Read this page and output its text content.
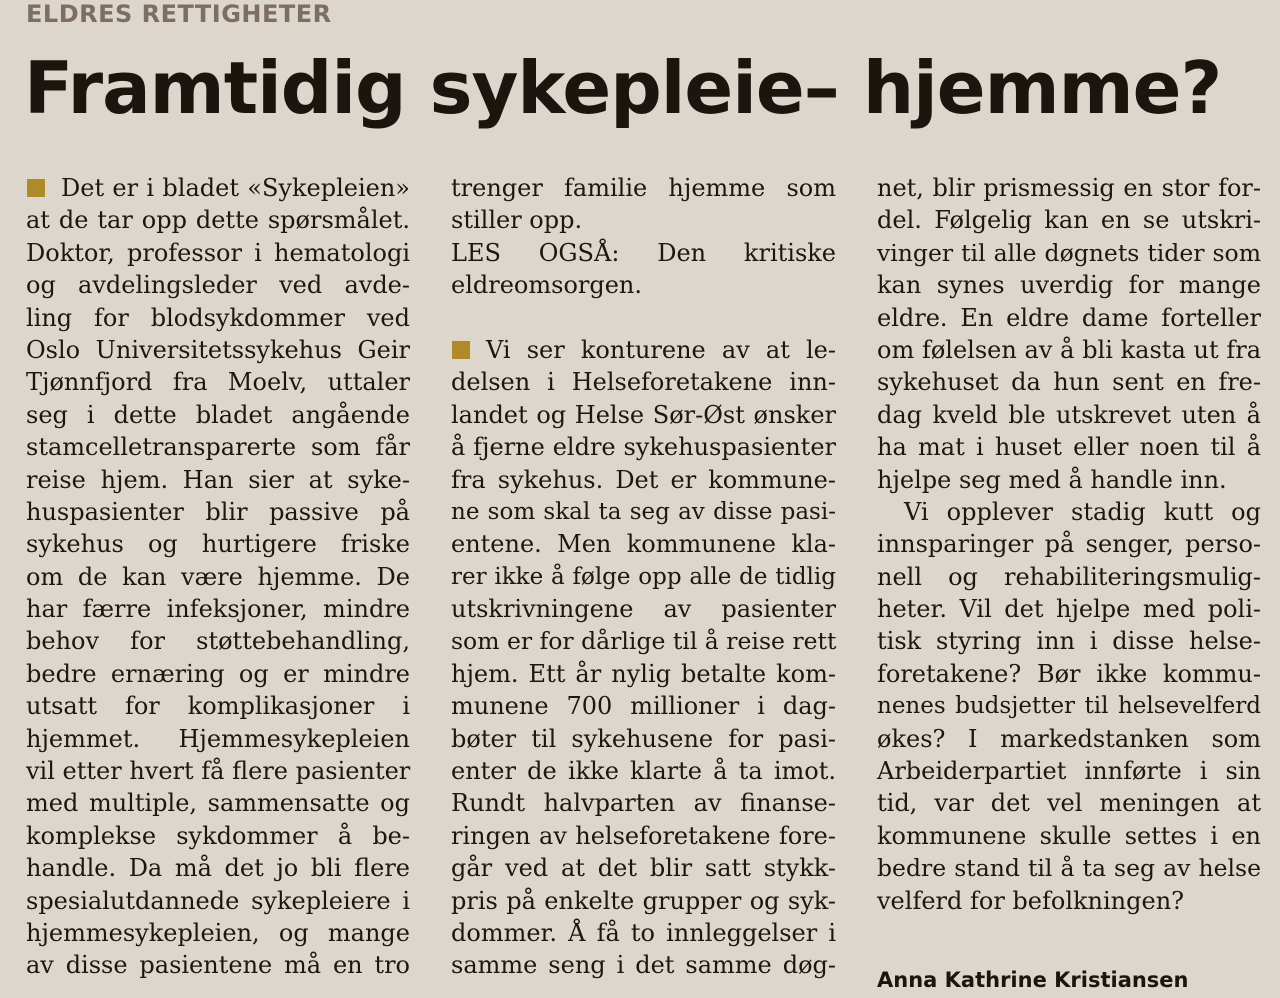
ELDRES RETTIGHETER
Framtidig sykepleie– hjemme?
Det er i bladet «Sykepleien»
at de tar opp dette spørsmålet.
Doktor, professor i hematologi
og avdelingsleder ved avde-
ling for blodsykdommer ved
Oslo Universitetssykehus Geir
Tjønnfjord fra Moelv, uttaler
seg i dette bladet angående
stamcelletransparerte som får
reise hjem. Han sier at syke-
huspasienter blir passive på
sykehus og hurtigere friske
om de kan være hjemme. De
har færre infeksjoner, mindre
behov for støttebehandling,
bedre ernæring og er mindre
utsatt for komplikasjoner i
hjemmet. Hjemmesykepleien
vil etter hvert få flere pasienter
med multiple, sammensatte og
komplekse sykdommer å be-
handle. Da må det jo bli flere
spesialutdannede sykepleiere i
hjemmesykepleien, og mange
av disse pasientene må en tro
trenger familie hjemme som
stiller opp.
LES OGSÅ: Den kritiske
eldreomsorgen.
Vi ser konturene av at le-
delsen i Helseforetakene inn-
landet og Helse Sør-Øst ønsker
å fjerne eldre sykehuspasienter
fra sykehus. Det er kommune-
ne som skal ta seg av disse pasi-
entene. Men kommunene kla-
rer ikke å følge opp alle de tidlig
utskrivningene av pasienter
som er for dårlige til å reise rett
hjem. Ett år nylig betalte kom-
munene 700 millioner i dag-
bøter til sykehusene for pasi-
enter de ikke klarte å ta imot.
Rundt halvparten av finanse-
ringen av helseforetakene fore-
går ved at det blir satt stykk-
pris på enkelte grupper og syk-
dommer. Å få to innleggelser i
samme seng i det samme døg-
net, blir prismessig en stor for-
del. Følgelig kan en se utskri-
vinger til alle døgnets tider som
kan synes uverdig for mange
eldre. En eldre dame forteller
om følelsen av å bli kasta ut fra
sykehuset da hun sent en fre-
dag kveld ble utskrevet uten å
ha mat i huset eller noen til å
hjelpe seg med å handle inn.
Vi opplever stadig kutt og
innsparinger på senger, perso-
nell og rehabiliteringsmulig-
heter. Vil det hjelpe med poli-
tisk styring inn i disse helse-
foretakene? Bør ikke kommu-
nenes budsjetter til helsevelferd
økes? I markedstanken som
Arbeiderpartiet innførte i sin
tid, var det vel meningen at
kommunene skulle settes i en
bedre stand til å ta seg av helse
velferd for befolkningen?
Anna Kathrine Kristiansen
